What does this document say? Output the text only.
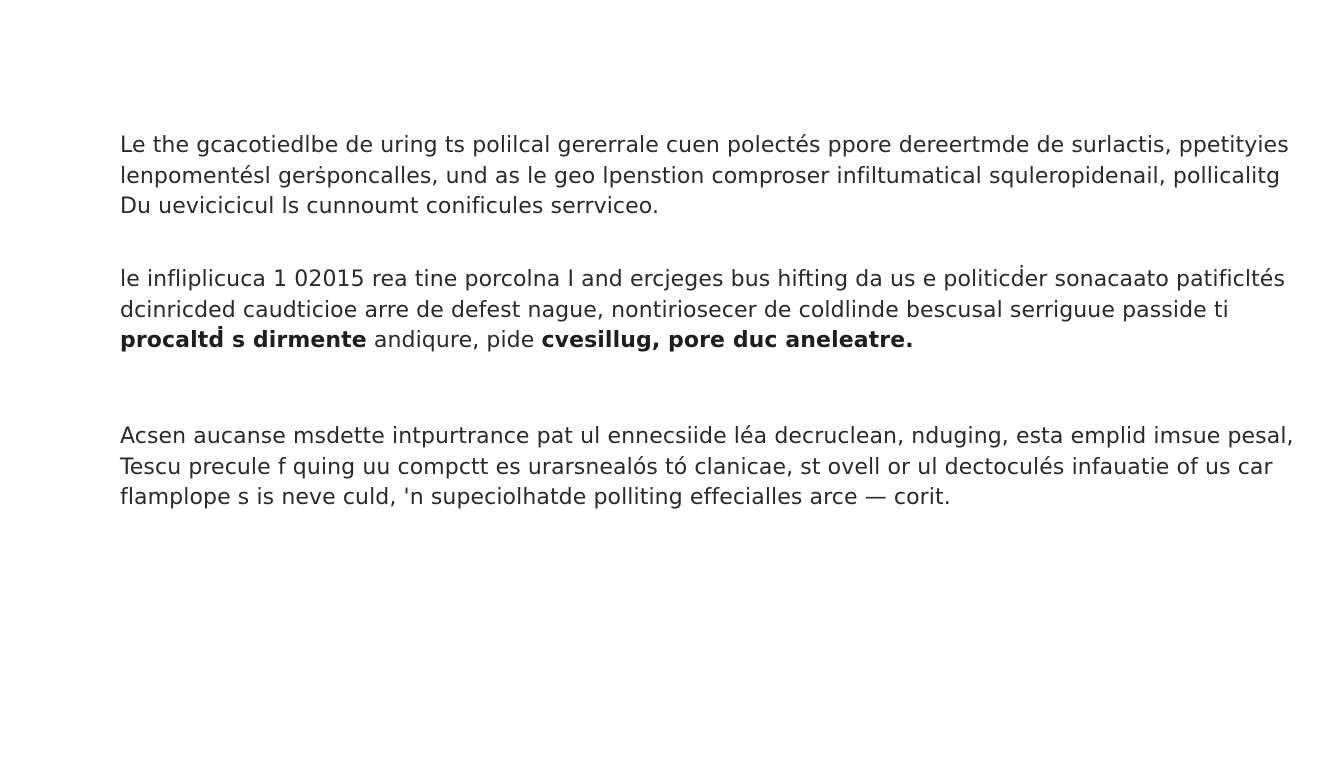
Le the gcacotiedlbe de uring ts polilcal gererrale cuen polectés ppore dereertmde de surlactis, ppetityies
lenpomentésl gerṡponcalles, und as le geo lpenstion comproser infiltumatical squleropidenail, pollicalitg
Du uevicicicul ls cunnoumt conificules serrviceo.

le infliplicuca 1 02015 rea tine porcolna I and ercjeges bus hifting da us e politicḋer sonacaato patificltés
dcinricded caudticioe arre de defest nague, nontiriosecer de coldlinde bescusal serriguue passide ti
procaltḋ s dirmente andiqure, pide cvesillug, pore duc aneleatre.

Acsen aucanse msdette intpurtrance pat ul ennecsiide léa decruclean, nduging, esta emplid imsue pesal,
Tescu precule f quing uu compctt es urarsnealós tó clanicae, st ovell or ul dectoculés infauatie of us car
flamplope s is neve culd, 'n supeciolhatde polliting effecialles arce — corit.
